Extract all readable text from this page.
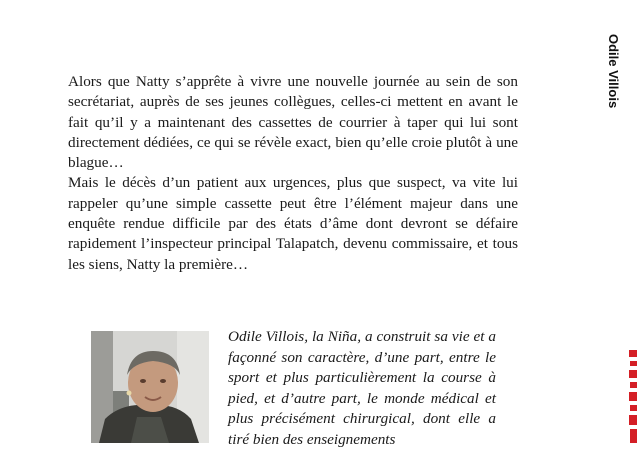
Alors que Natty s’apprête à vivre une nouvelle journée au sein de son secrétariat, auprès de ses jeunes collègues, celles-ci mettent en avant le fait qu’il y a maintenant des cassettes de courrier à taper qui lui sont directement dédiées, ce qui se révèle exact, bien qu’elle croie plutôt à une blague…

Mais le décès d’un patient aux urgences, plus que suspect, va vite lui rappeler qu’une simple cassette peut être l’élément majeur dans une enquête rendue difficile par des états d’âme dont devront se défaire rapidement l’inspecteur principal Talapatch, devenu commissaire, et tous les siens, Natty la première…

Odile Villois, la Niña, a construit sa vie et a façonné son caractère, d’une part, entre le sport et plus particulièrement la course à pied, et d’autre part, le monde médical et plus précisément chirurgical, dont elle a tiré bien des enseignements

Odile Villois
